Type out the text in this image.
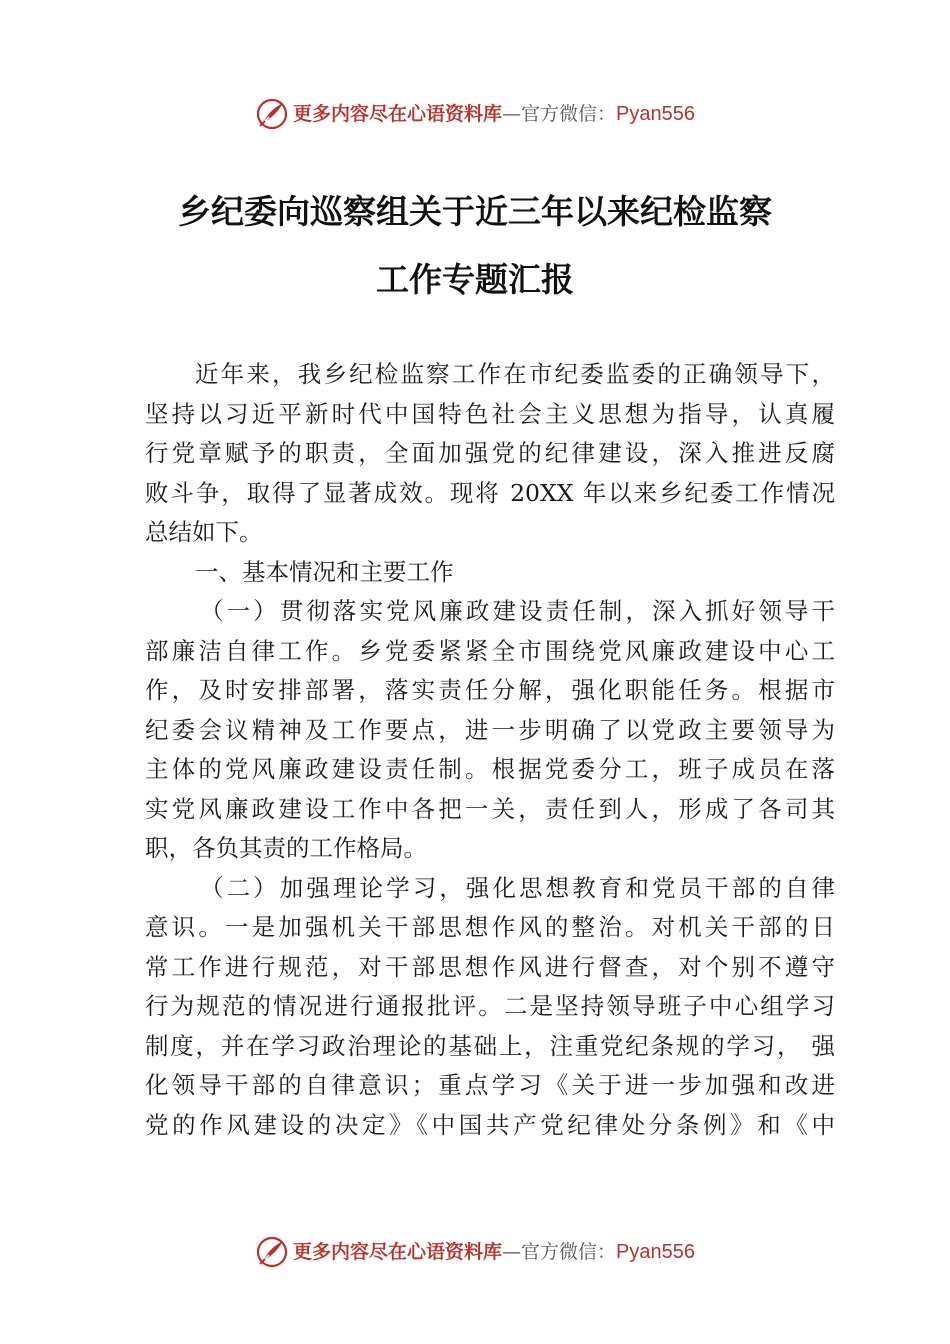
更多内容尽在心语资料库 —官方微信： Pyan556
乡纪委向巡察组关于近三年以来纪检监察
工作专题汇报
近年来，我乡纪检监察工作在市纪委监委的正确领导下，
坚持以习近平新时代中国特色社会主义思想为指导，认真履
行党章赋予的职责，全面加强党的纪律建设，深入推进反腐
败斗争，取得了显著成效。现将 20XX 年以来乡纪委工作情况
总结如下。
一、基本情况和主要工作
（一）贯彻落实党风廉政建设责任制，深入抓好领导干
部廉洁自律工作。乡党委紧紧全市围绕党风廉政建设中心工
作，及时安排部署，落实责任分解，强化职能任务。根据市
纪委会议精神及工作要点，进一步明确了以党政主要领导为
主体的党风廉政建设责任制。根据党委分工，班子成员在落
实党风廉政建设工作中各把一关，责任到人，形成了各司其
职，各负其责的工作格局。
（二）加强理论学习，强化思想教育和党员干部的自律
意识。一是加强机关干部思想作风的整治。对机关干部的日
常工作进行规范，对干部思想作风进行督查，对个别不遵守
行为规范的情况进行通报批评。二是坚持领导班子中心组学习
制度，并在学习政治理论的基础上，注重党纪条规的学习， 强
化领导干部的自律意识；重点学习《关于进一步加强和改进
党的作风建设的决定》《中国共产党纪律处分条例》和《中
更多内容尽在心语资料库 —官方微信： Pyan556
